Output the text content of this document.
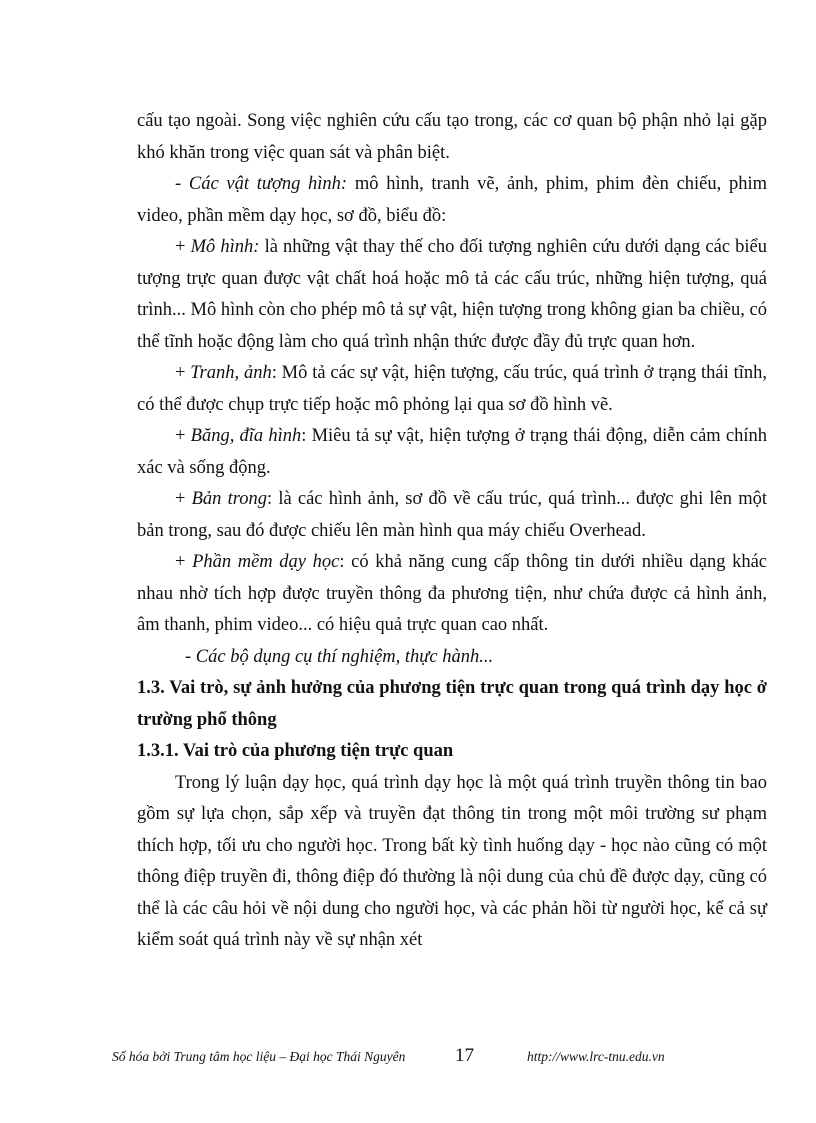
cấu tạo ngoài. Song việc nghiên cứu cấu tạo trong, các cơ quan bộ phận nhỏ lại gặp khó khăn trong việc quan sát và phân biệt.

- Các vật tượng hình: mô hình, tranh vẽ, ảnh, phim, phim đèn chiếu, phim video, phần mềm dạy học, sơ đồ, biểu đồ:

+ Mô hình: là những vật thay thế cho đối tượng nghiên cứu dưới dạng các biểu tượng trực quan được vật chất hoá hoặc mô tả các cấu trúc, những hiện tượng, quá trình... Mô hình còn cho phép mô tả sự vật, hiện tượng trong không gian ba chiều, có thể tĩnh hoặc động làm cho quá trình nhận thức được đầy đủ trực quan hơn.

+ Tranh, ảnh: Mô tả các sự vật, hiện tượng, cấu trúc, quá trình ở trạng thái tĩnh, có thể được chụp trực tiếp hoặc mô phỏng lại qua sơ đồ hình vẽ.

+ Băng, đĩa hình: Miêu tả sự vật, hiện tượng ở trạng thái động, diễn cảm chính xác và sống động.

+ Bản trong: là các hình ảnh, sơ đồ về cấu trúc, quá trình... được ghi lên một bản trong, sau đó được chiếu lên màn hình qua máy chiếu Overhead.

+ Phần mềm dạy học: có khả năng cung cấp thông tin dưới nhiều dạng khác nhau nhờ tích hợp được truyền thông đa phương tiện, như chứa được cả hình ảnh, âm thanh, phim video... có hiệu quả trực quan cao nhất.

- Các bộ dụng cụ thí nghiệm, thực hành...

1.3. Vai trò, sự ảnh hưởng của phương tiện trực quan trong quá trình dạy học ở trường phổ thông

1.3.1. Vai trò của phương tiện trực quan

Trong lý luận dạy học, quá trình dạy học là một quá trình truyền thông tin bao gồm sự lựa chọn, sắp xếp và truyền đạt thông tin trong một môi trường sư phạm thích hợp, tối ưu cho người học. Trong bất kỳ tình huống dạy - học nào cũng có một thông điệp truyền đi, thông điệp đó thường là nội dung của chủ đề được dạy, cũng có thể là các câu hỏi về nội dung cho người học, và các phản hồi từ người học, kể cả sự kiểm soát quá trình này về sự nhận xét

Số hóa bởi Trung tâm học liệu – Đại học Thái Nguyên	17	http://www.lrc-tnu.edu.vn
